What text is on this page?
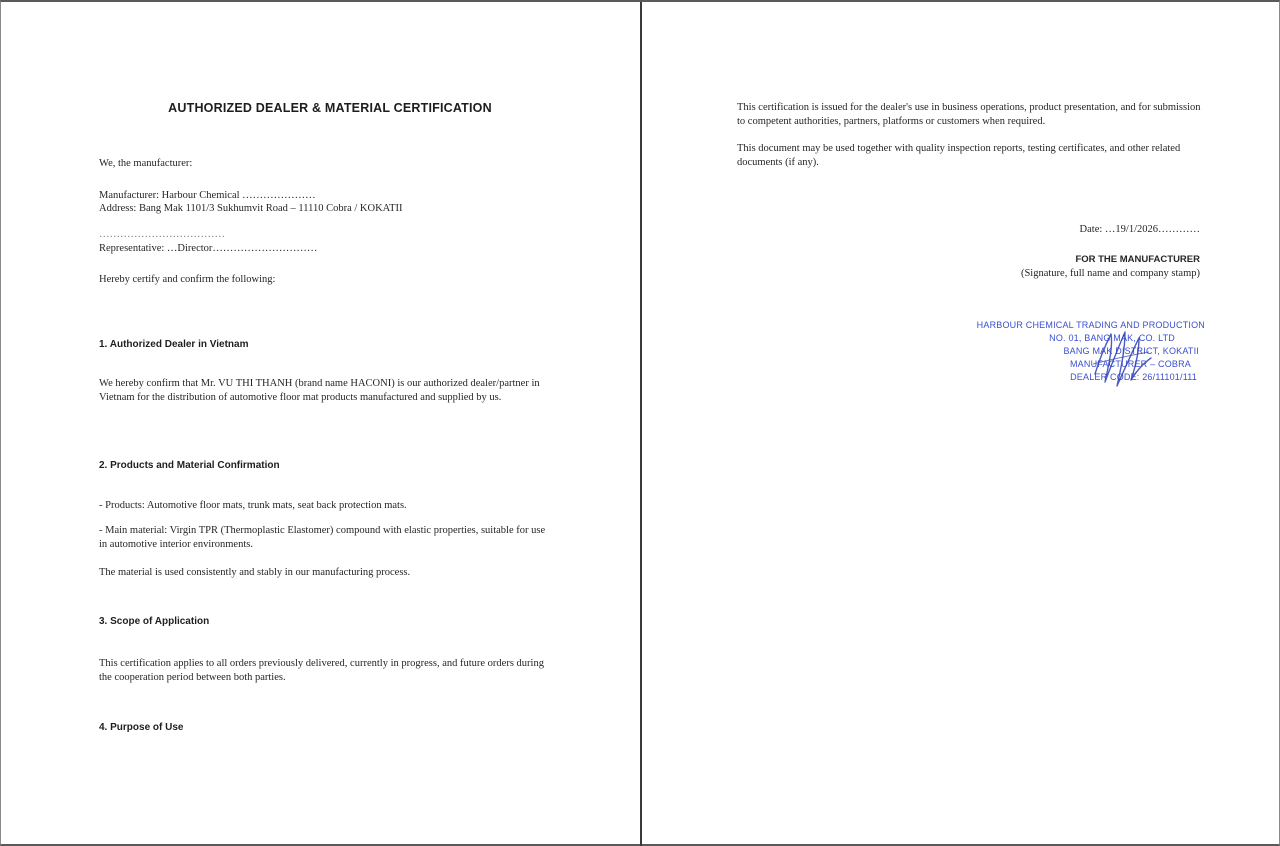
AUTHORIZED DEALER & MATERIAL CERTIFICATION
We, the manufacturer:
Manufacturer: Harbour Chemical …………………
Address: Bang Mak 1101/3 Sukhumvit Road – 11110 Cobra / KOKATII
………………………………
Representative: …Director…………………………
Hereby certify and confirm the following:
1. Authorized Dealer in Vietnam
We hereby confirm that Mr. VU THI THANH (brand name HACONI) is our authorized dealer/partner in Vietnam for the distribution of automotive floor mat products manufactured and supplied by us.
2. Products and Material Confirmation
- Products: Automotive floor mats, trunk mats, seat back protection mats.
- Main material: Virgin TPR (Thermoplastic Elastomer) compound with elastic properties, suitable for use in automotive interior environments.
The material is used consistently and stably in our manufacturing process.
3. Scope of Application
This certification applies to all orders previously delivered, currently in progress, and future orders during the cooperation period between both parties.
4. Purpose of Use
This certification is issued for the dealer's use in business operations, product presentation, and for submission to competent authorities, partners, platforms or customers when required.
This document may be used together with quality inspection reports, testing certificates, and other related documents (if any).
Date: …19/1/2026…………
FOR THE MANUFACTURER
(Signature, full name and company stamp)
HARBOUR CHEMICAL TRADING AND PRODUCTION
NO. 01, BANG MAK, CO. LTD
BANG MAK DISTRICT, KOKATII
MANUFACTURER – COBRA
DEALER CODE: 26/11101/111
